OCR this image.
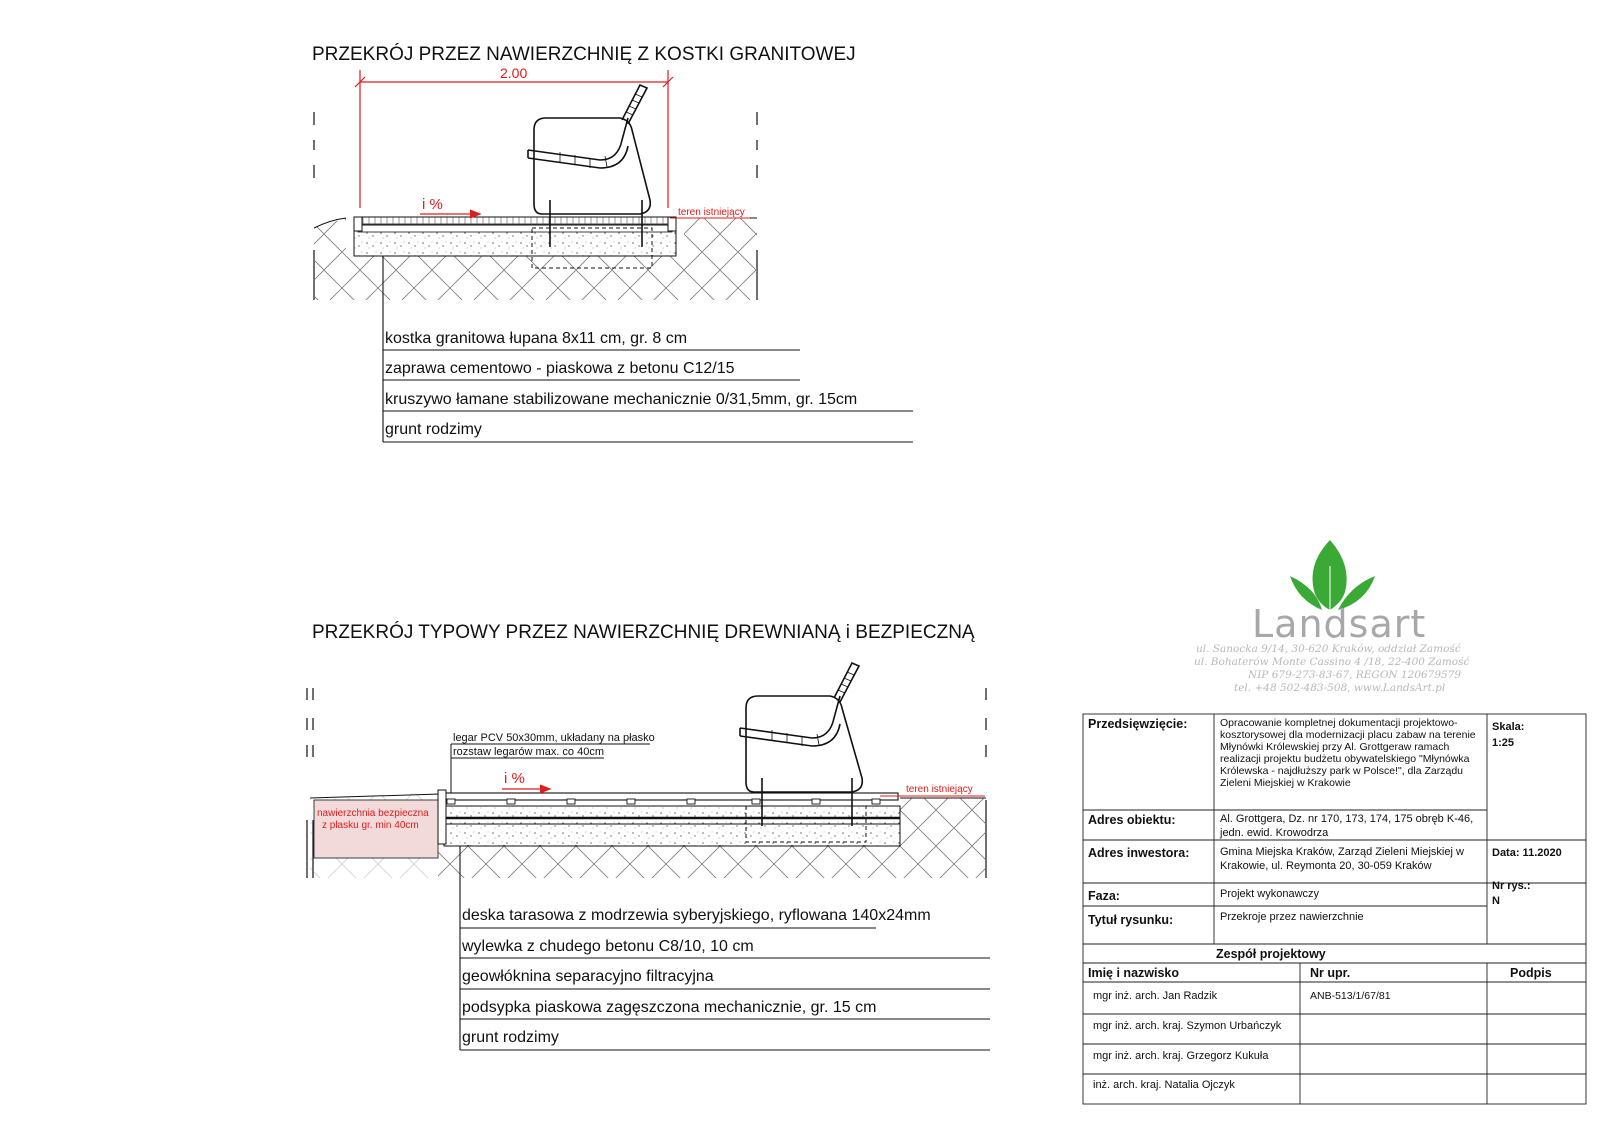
PRZEKRÓJ PRZEZ NAWIERZCHNIĘ Z KOSTKI GRANITOWEJ
2.00
i %	teren istniejący
kostka granitowa łupana 8x11 cm, gr. 8 cm
zaprawa cementowo - piaskowa z betonu C12/15
kruszywo łamane stabilizowane mechanicznie 0/31,5mm, gr. 15cm
grunt rodzimy
PRZEKRÓJ TYPOWY PRZEZ NAWIERZCHNIĘ DREWNIANĄ i BEZPIECZNĄ
legar PCV 50x30mm, układany na płasko
rozstaw legarów max. co 40cm
i %
teren istniejący
nawierzchnia bezpieczna
z plasku gr. min 40cm
deska tarasowa z modrzewia syberyjskiego, ryflowana 140x24mm
wylewka z chudego betonu C8/10, 10 cm
geowłóknina separacyjno filtracyjna
podsypka piaskowa zagęszczona mechanicznie, gr. 15 cm
grunt rodzimy
Landsart
ul. Sanocka 9/14, 30-620 Kraków, oddział Zamość
ul. Bohaterów Monte Cassino 4 /18, 22-400 Zamość
NIP 679-273-83-67, REGON 120679579
tel. +48 502-483-508, www.LandsArt.pl
Przedsięwzięcie:	Opracowanie kompletnej dokumentacji projektowo-kosztorysowej dla modernizacji placu zabaw na terenie Młynówki Królewskiej przy Al. Grottgeraw ramach realizacji projektu budżetu obywatelskiego "Młynówka Królewska - najdłuższy park w Polsce!", dla Zarządu Zieleni Miejskiej w Krakowie
Skala:
1:25
Adres obiektu:	Al. Grottgera, Dz. nr 170, 173, 174, 175 obręb K-46, jedn. ewid. Krowodrza
Adres inwestora:	Gmina Miejska Kraków, Zarząd Zieleni Miejskiej w Krakowie, ul. Reymonta 20, 30-059 Kraków
Data: 11.2020
Faza:	Projekt wykonawczy
Nr rys.:
N
Tytuł rysunku:	Przekroje przez nawierzchnie
Zespół projektowy
Imię i nazwisko	Nr upr.	Podpis
mgr inż. arch. Jan Radzik	ANB-513/1/67/81
mgr inż. arch. kraj. Szymon Urbańczyk
mgr inż. arch. kraj. Grzegorz Kukuła
inż. arch. kraj. Natalia Ojczyk
